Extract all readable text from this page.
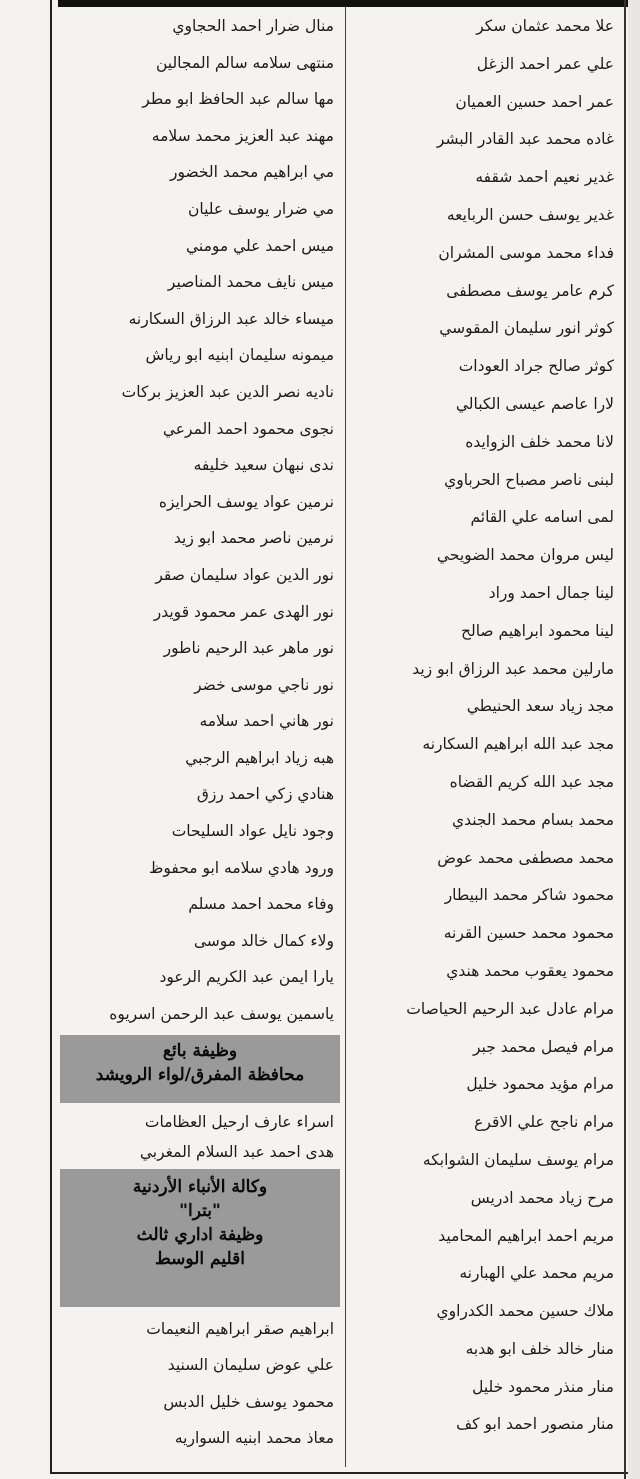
علا محمد عثمان سكر
علي عمر احمد الزغل
عمر احمد حسين العميان
غاده محمد عبد القادر البشر
غدير نعيم احمد شقفه
غدير يوسف حسن الربايعه
فداء محمد موسى المشران
كرم عامر يوسف مصطفى
كوثر انور سليمان المقوسي
كوثر صالح جراد العودات
لارا عاصم عيسى الكبالي
لانا محمد خلف الزوايده
لبنى ناصر مصباح الحرباوي
لمى اسامه علي القائم
ليس مروان محمد الضويحي
لينا جمال احمد وراد
لينا محمود ابراهيم صالح
مارلين محمد عبد الرزاق ابو زيد
مجد زياد سعد الحنيطي
مجد عبد الله ابراهيم السكارنه
مجد عبد الله كريم القضاه
محمد بسام محمد الجندي
محمد مصطفى محمد عوض
محمود شاكر محمد البيطار
محمود محمد حسين القرنه
محمود يعقوب محمد هندي
مرام عادل عبد الرحيم الحياصات
مرام فيصل محمد جبر
مرام مؤيد محمود خليل
مرام ناجح علي الاقرع
مرام يوسف سليمان الشوابكه
مرح زياد محمد ادريس
مريم احمد ابراهيم المحاميد
مريم محمد علي الهبارنه
ملاك حسين محمد الكدراوي
منار خالد خلف ابو هدبه
منار منذر محمود خليل
منار منصور احمد ابو كف
منال ضرار احمد الحجاوي
منتهى سلامه سالم المجالين
مها سالم عبد الحافظ ابو مطر
مهند عبد العزيز محمد سلامه
مي ابراهيم محمد الخضور
مي ضرار يوسف عليان
ميس احمد علي مومني
ميس نايف محمد المناصير
ميساء خالد عبد الرزاق السكارنه
ميمونه سليمان ابنيه ابو رياش
ناديه نصر الدين عبد العزيز بركات
نجوى محمود احمد المرعي
ندى نبهان سعيد خليفه
نرمين عواد يوسف الحرايزه
نرمين ناصر محمد ابو زيد
نور الدين عواد سليمان صقر
نور الهدى عمر محمود قويدر
نور ماهر عبد الرحيم ناطور
نور ناجي موسى خضر
نور هاني احمد سلامه
هبه زياد ابراهيم الرجبي
هنادي زكي احمد رزق
وجود نايل عواد السليحات
ورود هادي سلامه ابو محفوظ
وفاء محمد احمد مسلم
ولاء كمال خالد موسى
يارا ايمن عبد الكريم الرعود
ياسمين يوسف عبد الرحمن اسريوه
وظيفة بائع
محافظة المفرق/لواء الرويشد
اسراء عارف ارحيل العظامات
هدى احمد عبد السلام المغربي
وكالة الأنباء الأردنية
"بترا"
وظيفة اداري ثالث
اقليم الوسط
ابراهيم صقر ابراهيم النعيمات
علي عوض سليمان السنيد
محمود يوسف خليل الدبس
معاذ محمد ابنيه السواريه
